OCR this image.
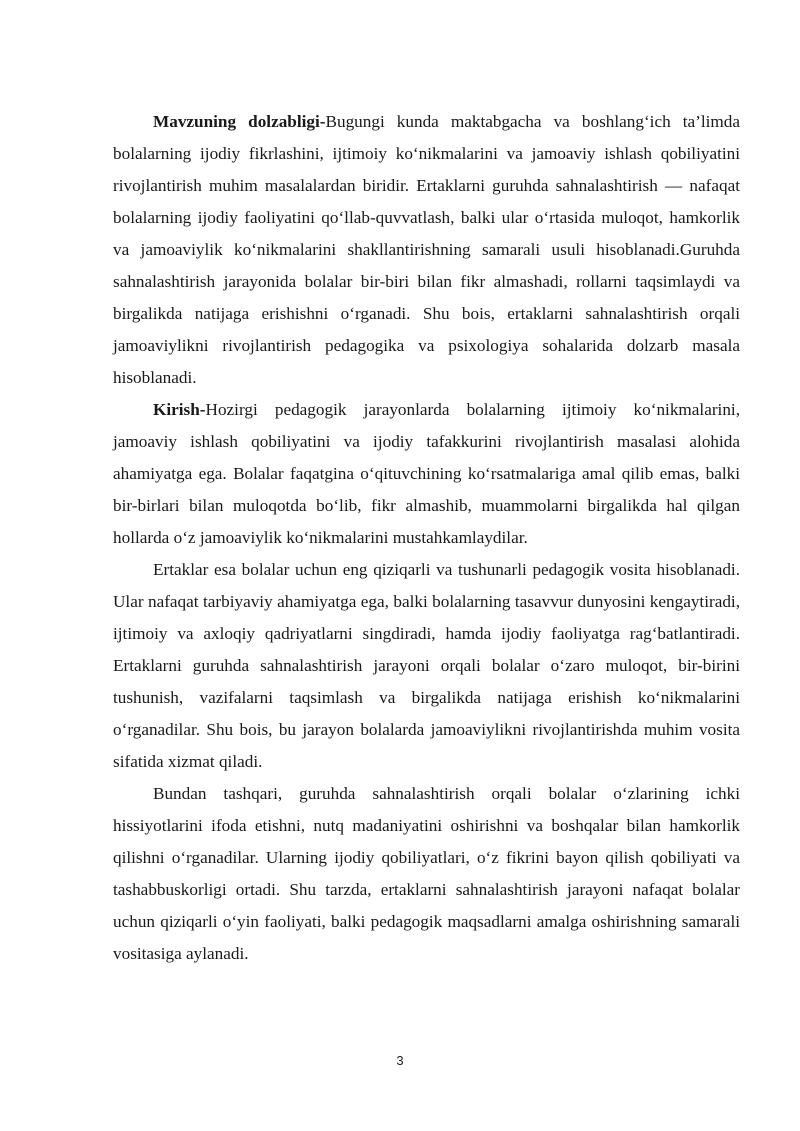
Mavzuning dolzabligi-Bugungi kunda maktabgacha va boshlang‘ich ta’limda bolalarning ijodiy fikrlashini, ijtimoiy ko‘nikmalarini va jamoaviy ishlash qobiliyatini rivojlantirish muhim masalalardan biridir. Ertaklarni guruhda sahnalashtirish — nafaqat bolalarning ijodiy faoliyatini qo‘llab-quvvatlash, balki ular o‘rtasida muloqot, hamkorlik va jamoaviylik ko‘nikmalarini shakllantirishning samarali usuli hisoblanadi.Guruhda sahnalashtirish jarayonida bolalar bir-biri bilan fikr almashadi, rollarni taqsimlaydi va birgalikda natijaga erishishni o‘rganadi. Shu bois, ertaklarni sahnalashtirish orqali jamoaviylikni rivojlantirish pedagogika va psixologiya sohalarida dolzarb masala hisoblanadi.

Kirish-Hozirgi pedagogik jarayonlarda bolalarning ijtimoiy ko‘nikmalarini, jamoaviy ishlash qobiliyatini va ijodiy tafakkurini rivojlantirish masalasi alohida ahamiyatga ega. Bolalar faqatgina o‘qituvchining ko‘rsatmalariga amal qilib emas, balki bir-birlari bilan muloqotda bo‘lib, fikr almashib, muammolarni birgalikda hal qilgan hollarda o‘z jamoaviylik ko‘nikmalarini mustahkamlaydilar.

Ertaklar esa bolalar uchun eng qiziqarli va tushunarli pedagogik vosita hisoblanadi. Ular nafaqat tarbiyaviy ahamiyatga ega, balki bolalarning tasavvur dunyosini kengaytiradi, ijtimoiy va axloqiy qadriyatlarni singdiradi, hamda ijodiy faoliyatga rag‘batlantiradi. Ertaklarni guruhda sahnalashtirish jarayoni orqali bolalar o‘zaro muloqot, bir-birini tushunish, vazifalarni taqsimlash va birgalikda natijaga erishish ko‘nikmalarini o‘rganadilar. Shu bois, bu jarayon bolalarda jamoaviylikni rivojlantirishda muhim vosita sifatida xizmat qiladi.

Bundan tashqari, guruhda sahnalashtirish orqali bolalar o‘zlarining ichki hissiyotlarini ifoda etishni, nutq madaniyatini oshirishni va boshqalar bilan hamkorlik qilishni o‘rganadilar. Ularning ijodiy qobiliyatlari, o‘z fikrini bayon qilish qobiliyati va tashabbuskorligi ortadi. Shu tarzda, ertaklarni sahnalashtirish jarayoni nafaqat bolalar uchun qiziqarli o‘yin faoliyati, balki pedagogik maqsadlarni amalga oshirishning samarali vositasiga aylanadi.

3
